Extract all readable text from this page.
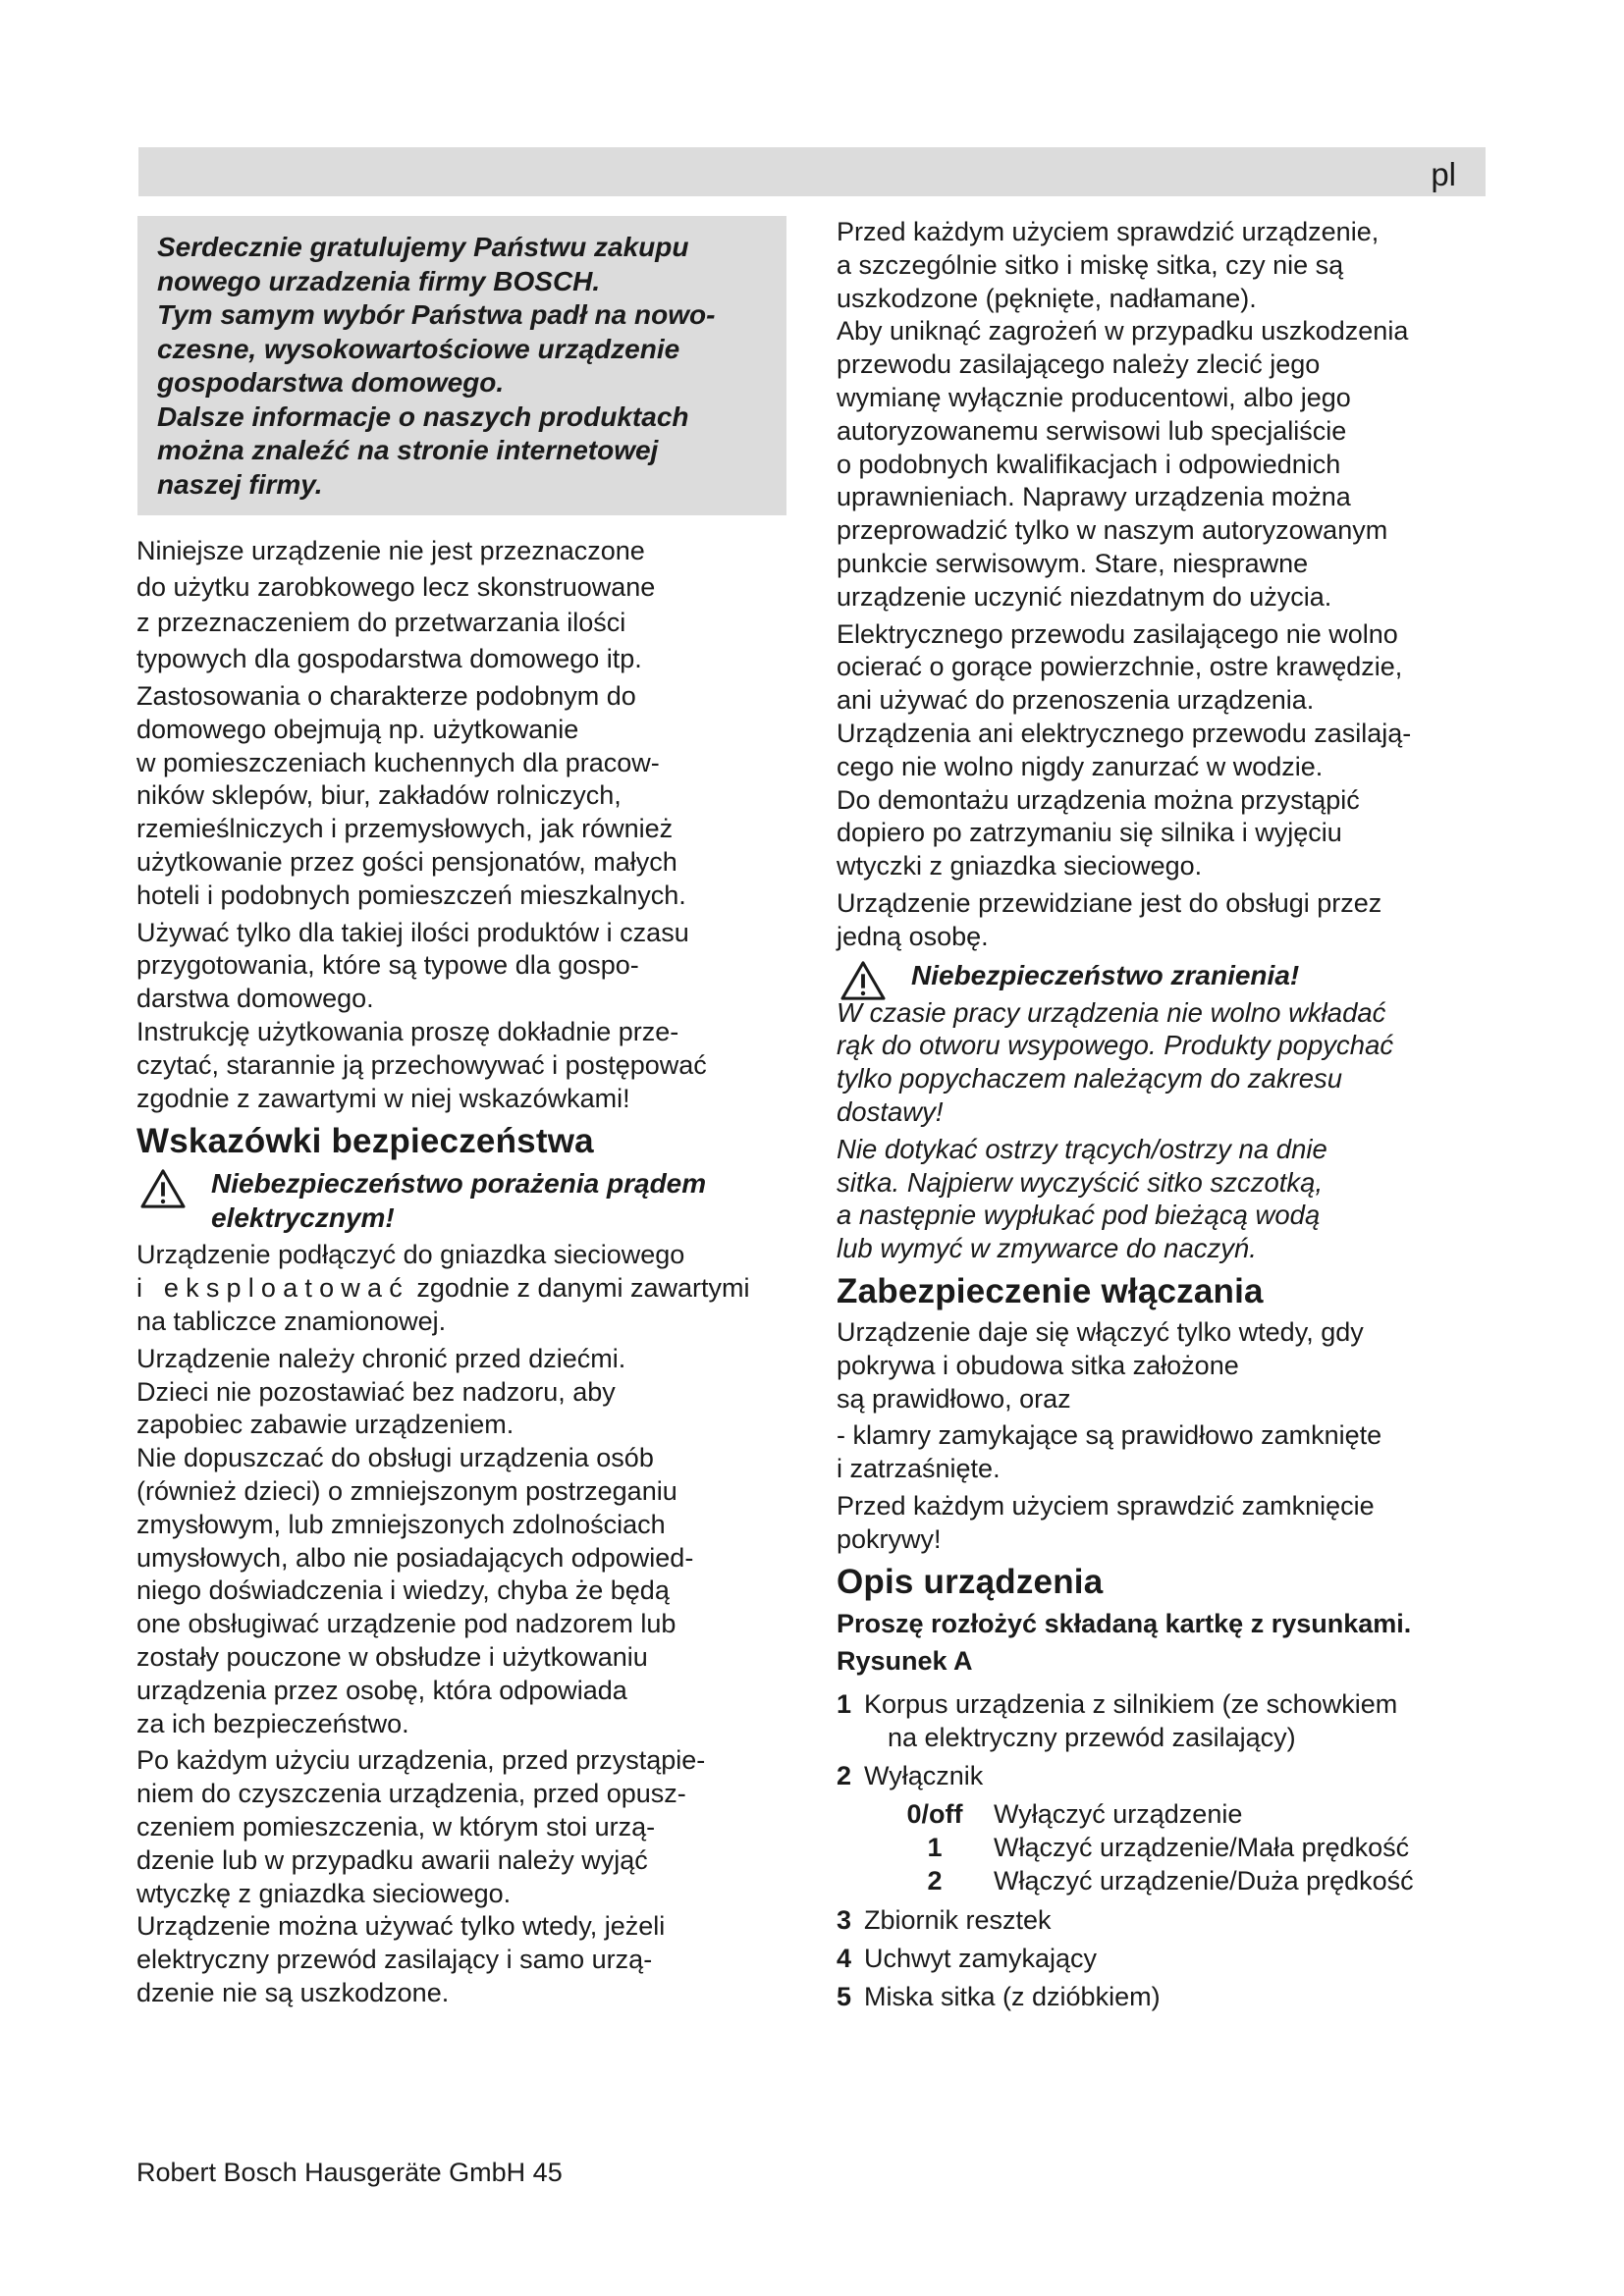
pl
Serdecznie gratulujemy Państwu zakupu
nowego urzadzenia firmy BOSCH.
Tym samym wybór Państwa padł na nowo-
czesne, wysokowartościowe urządzenie
gospodarstwa domowego.
Dalsze informacje o naszych produktach
można znaleźć na stronie internetowej
naszej firmy.
Niniejsze urządzenie nie jest przeznaczone
do użytku zarobkowego lecz skonstruowane
z przeznaczeniem do przetwarzania ilości
typowych dla gospodarstwa domowego itp.
Zastosowania o charakterze podobnym do
domowego obejmują np. użytkowanie
w pomieszczeniach kuchennych dla pracow-
ników sklepów, biur, zakładów rolniczych,
rzemieślniczych i przemysłowych, jak również
użytkowanie przez gości pensjonatów, małych
hoteli i podobnych pomieszczeń mieszkalnych.
Używać tylko dla takiej ilości produktów i czasu
przygotowania, które są typowe dla gospo-
darstwa domowego.
Instrukcję użytkowania proszę dokładnie prze-
czytać, starannie ją przechowywać i postępować
zgodnie z zawartymi w niej wskazówkami!
Wskazówki bezpieczeństwa
Niebezpieczeństwo porażenia prądem
elektrycznym!
Urządzenie podłączyć do gniazdka sieciowego
i eksploatować zgodnie z danymi zawartymi
na tabliczce znamionowej.
Urządzenie należy chronić przed dziećmi.
Dzieci nie pozostawiać bez nadzoru, aby
zapobiec zabawie urządzeniem.
Nie dopuszczać do obsługi urządzenia osób
(również dzieci) o zmniejszonym postrzeganiu
zmysłowym, lub zmniejszonych zdolnościach
umysłowych, albo nie posiadających odpowied-
niego doświadczenia i wiedzy, chyba że będą
one obsługiwać urządzenie pod nadzorem lub
zostały pouczone w obsłudze i użytkowaniu
urządzenia przez osobę, która odpowiada
za ich bezpieczeństwo.
Po każdym użyciu urządzenia, przed przystąpie-
niem do czyszczenia urządzenia, przed opusz-
czeniem pomieszczenia, w którym stoi urzą-
dzenie lub w przypadku awarii należy wyjąć
wtyczkę z gniazdka sieciowego.
Urządzenie można używać tylko wtedy, jeżeli
elektryczny przewód zasilający i samo urzą-
dzenie nie są uszkodzone.
Przed każdym użyciem sprawdzić urządzenie,
a szczególnie sitko i miskę sitka, czy nie są
uszkodzone (pęknięte, nadłamane).
Aby uniknąć zagrożeń w przypadku uszkodzenia
przewodu zasilającego należy zlecić jego
wymianę wyłącznie producentowi, albo jego
autoryzowanemu serwisowi lub specjaliście
o podobnych kwalifikacjach i odpowiednich
uprawnieniach. Naprawy urządzenia można
przeprowadzić tylko w naszym autoryzowanym
punkcie serwisowym. Stare, niesprawne
urządzenie uczynić niezdatnym do użycia.
Elektrycznego przewodu zasilającego nie wolno
ocierać o gorące powierzchnie, ostre krawędzie,
ani używać do przenoszenia urządzenia.
Urządzenia ani elektrycznego przewodu zasilają-
cego nie wolno nigdy zanurzać w wodzie.
Do demontażu urządzenia można przystąpić
dopiero po zatrzymaniu się silnika i wyjęciu
wtyczki z gniazdka sieciowego.
Urządzenie przewidziane jest do obsługi przez
jedną osobę.
Niebezpieczeństwo zranienia!
W czasie pracy urządzenia nie wolno wkładać
rąk do otworu wsypowego. Produkty popychać
tylko popychaczem należącym do zakresu
dostawy!
Nie dotykać ostrzy trących/ostrzy na dnie
sitka. Najpierw wyczyścić sitko szczotką,
a następnie wypłukać pod bieżącą wodą
lub wymyć w zmywarce do naczyń.
Zabezpieczenie włączania
Urządzenie daje się włączyć tylko wtedy, gdy
pokrywa i obudowa sitka założone
są prawidłowo, oraz
- klamry zamykające są prawidłowo zamknięte
i zatrzaśnięte.
Przed każdym użyciem sprawdzić zamknięcie
pokrywy!
Opis urządzenia
Proszę rozłożyć składaną kartkę z rysunkami.
Rysunek A
1 Korpus urządzenia z silnikiem (ze schowkiem
na elektryczny przewód zasilający)
2 Wyłącznik
0/off	Wyłączyć urządzenie
1	Włączyć urządzenie/Mała prędkość
2	Włączyć urządzenie/Duża prędkość
3 Zbiornik resztek
4 Uchwyt zamykający
5 Miska sitka (z dzióbkiem)
Robert Bosch Hausgeräte GmbH 45
